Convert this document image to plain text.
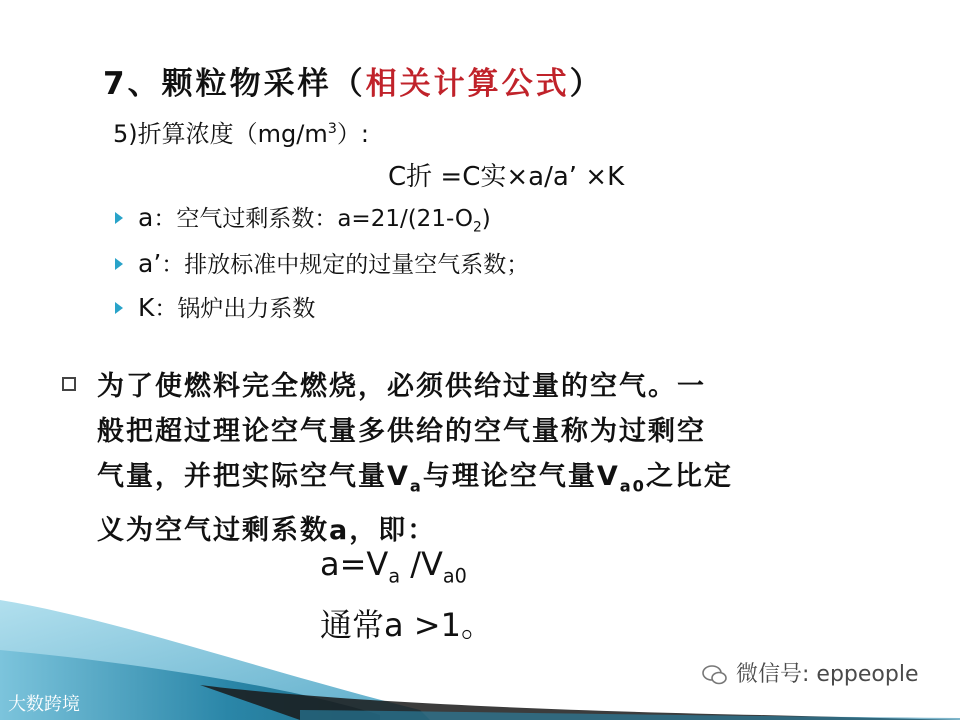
7、颗粒物采样（相关计算公式）
5)折算浓度$(mg/m^3)$:
C折 =C实×a/a’ ×K
a：空气过剩系数：$a=21/(21-O_2)$
a’：排放标准中规定的过量空气系数；
K：锅炉出力系数
为了使燃料完全燃烧，必须供给过量的空气。一
般把超过理论空气量多供给的空气量称为过剩空
气量，并把实际空气量$V_a$与理论空气量$V_{a0}$之比定
义为空气过剩系数a，即：
$a=V_a$ $/V_{a0}$
通常a >1。
微信号: eppeople
大数跨境
